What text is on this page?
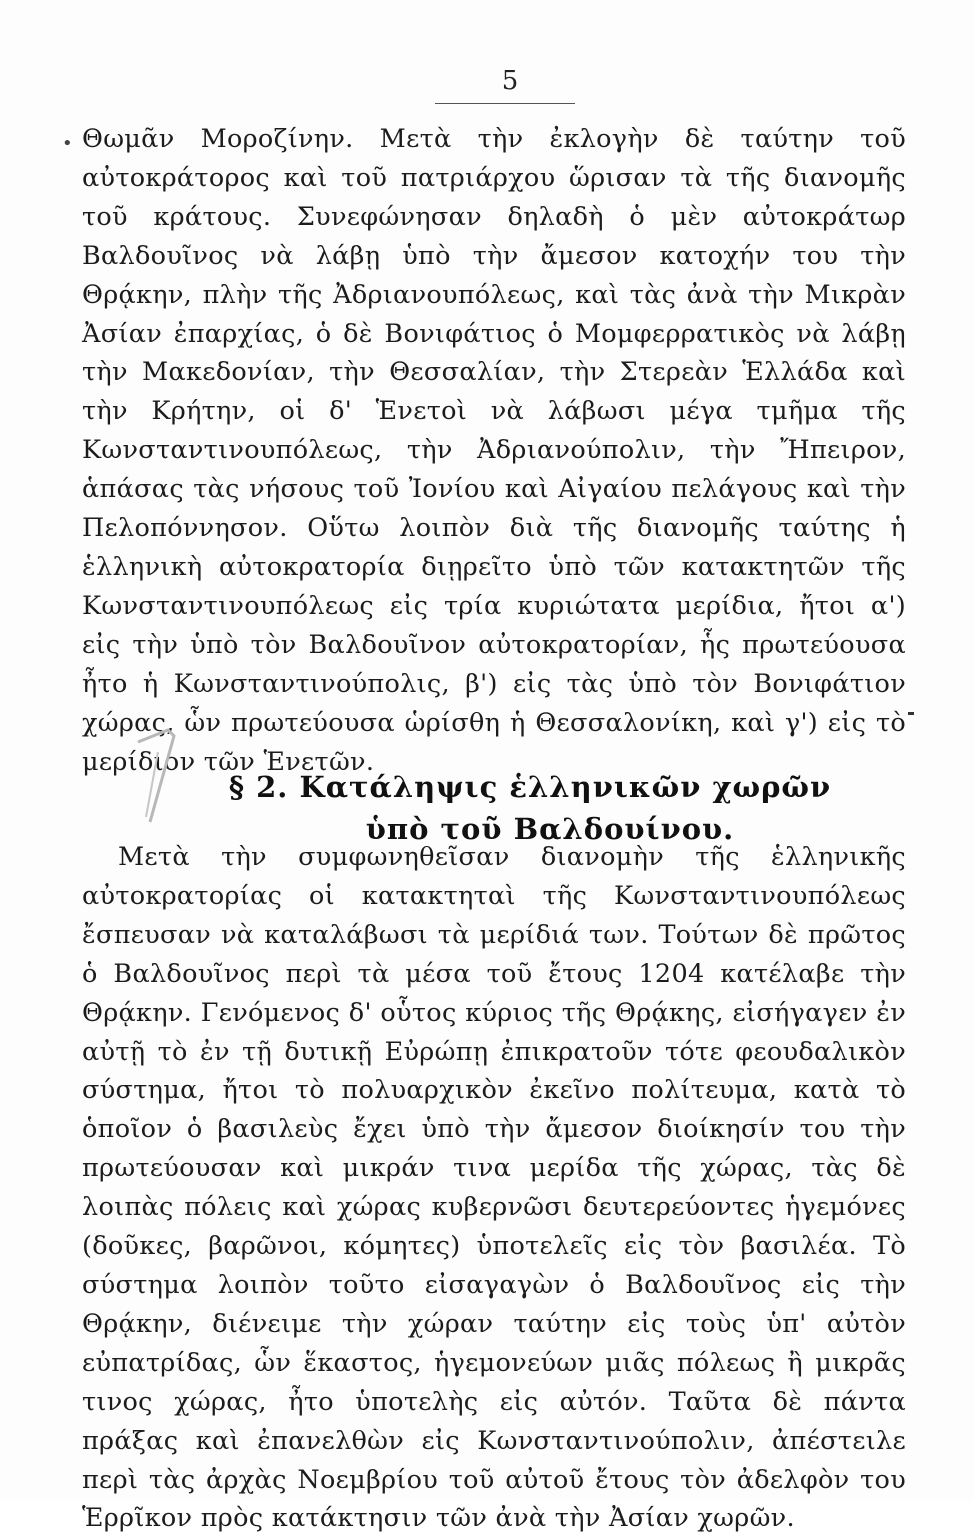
5
• Θωμᾶν Μοροζίνην. Μετὰ τὴν ἐκλογὴν δὲ ταύτην τοῦ αὐτοκράτορος καὶ τοῦ πατριάρχου ὥρισαν τὰ τῆς διανομῆς τοῦ κράτους. Συνεφώνησαν δηλαδὴ ὁ μὲν αὐτοκράτωρ Βαλδουῖνος νὰ λάβῃ ὑπὸ τὴν ἄμεσον κατοχήν του τὴν Θρᾴκην, πλὴν τῆς Ἀδριανουπόλεως, καὶ τὰς ἀνὰ τὴν Μικρὰν Ἀσίαν ἐπαρχίας, ὁ δὲ Βονιφάτιος ὁ Μομφερρατικὸς νὰ λάβῃ τὴν Μακεδονίαν, τὴν Θεσσαλίαν, τὴν Στερεὰν Ἑλλάδα καὶ τὴν Κρήτην, οἱ δ' Ἑνετοὶ νὰ λάβωσι μέγα τμῆμα τῆς Κωνσταντινουπόλεως, τὴν Ἀδριανούπολιν, τὴν Ἤπειρον, ἁπάσας τὰς νήσους τοῦ Ἰονίου καὶ Αἰγαίου πελάγους καὶ τὴν Πελοπόννησον. Οὕτω λοιπὸν διὰ τῆς διανομῆς ταύτης ἡ ἑλληνικὴ αὐτοκρατορία διῃρεῖτο ὑπὸ τῶν κατακτητῶν τῆς Κωνσταντινουπόλεως εἰς τρία κυριώτατα μερίδια, ἤτοι α') εἰς τὴν ὑπὸ τὸν Βαλδουῖνον αὐτοκρατορίαν, ἧς πρωτεύουσα ἦτο ἡ Κωνσταντινούπολις, β') εἰς τὰς ὑπὸ τὸν Βονιφάτιον χώρας, ὧν πρωτεύουσα ὡρίσθη ἡ Θεσσαλονίκη, καὶ γ') εἰς τὸ μερίδιον τῶν Ἑνετῶν.

§ 2. Κατάληψις ἑλληνικῶν χωρῶν
ὑπὸ τοῦ Βαλδουίνου.

Μετὰ τὴν συμφωνηθεῖσαν διανομὴν τῆς ἑλληνικῆς αὐτοκρατορίας οἱ κατακτηταὶ τῆς Κωνσταντινουπόλεως ἔσπευσαν νὰ καταλάβωσι τὰ μερίδιά των. Τούτων δὲ πρῶτος ὁ Βαλδουῖνος περὶ τὰ μέσα τοῦ ἔτους 1204 κατέλαβε τὴν Θρᾴκην. Γενόμενος δ' οὗτος κύριος τῆς Θρᾴκης, εἰσήγαγεν ἐν αὐτῇ τὸ ἐν τῇ δυτικῇ Εὐρώπῃ ἐπικρατοῦν τότε φεουδαλικὸν σύστημα, ἤτοι τὸ πολυαρχικὸν ἐκεῖνο πολίτευμα, κατὰ τὸ ὁποῖον ὁ βασιλεὺς ἔχει ὑπὸ τὴν ἄμεσον διοίκησίν του τὴν πρωτεύουσαν καὶ μικράν τινα μερίδα τῆς χώρας, τὰς δὲ λοιπὰς πόλεις καὶ χώρας κυβερνῶσι δευτερεύοντες ἡγεμόνες (δοῦκες, βαρῶνοι, κόμητες) ὑποτελεῖς εἰς τὸν βασιλέα. Τὸ σύστημα λοιπὸν τοῦτο εἰσαγαγὼν ὁ Βαλδουῖνος εἰς τὴν Θρᾴκην, διένειμε τὴν χώραν ταύτην εἰς τοὺς ὑπ' αὐτὸν εὐπατρίδας, ὧν ἕκαστος, ἡγεμονεύων μιᾶς πόλεως ἢ μικρᾶς τινος χώρας, ἦτο ὑποτελὴς εἰς αὐτόν. Ταῦτα δὲ πάντα πράξας καὶ ἐπανελθὼν εἰς Κωνσταντινούπολιν, ἀπέστειλε περὶ τὰς ἀρχὰς Νοεμβρίου τοῦ αὐτοῦ ἔτους τὸν ἀδελφὸν του Ἑρρῖκον πρὸς κατάκτησιν τῶν ἀνὰ τὴν Ἀσίαν χωρῶν.
